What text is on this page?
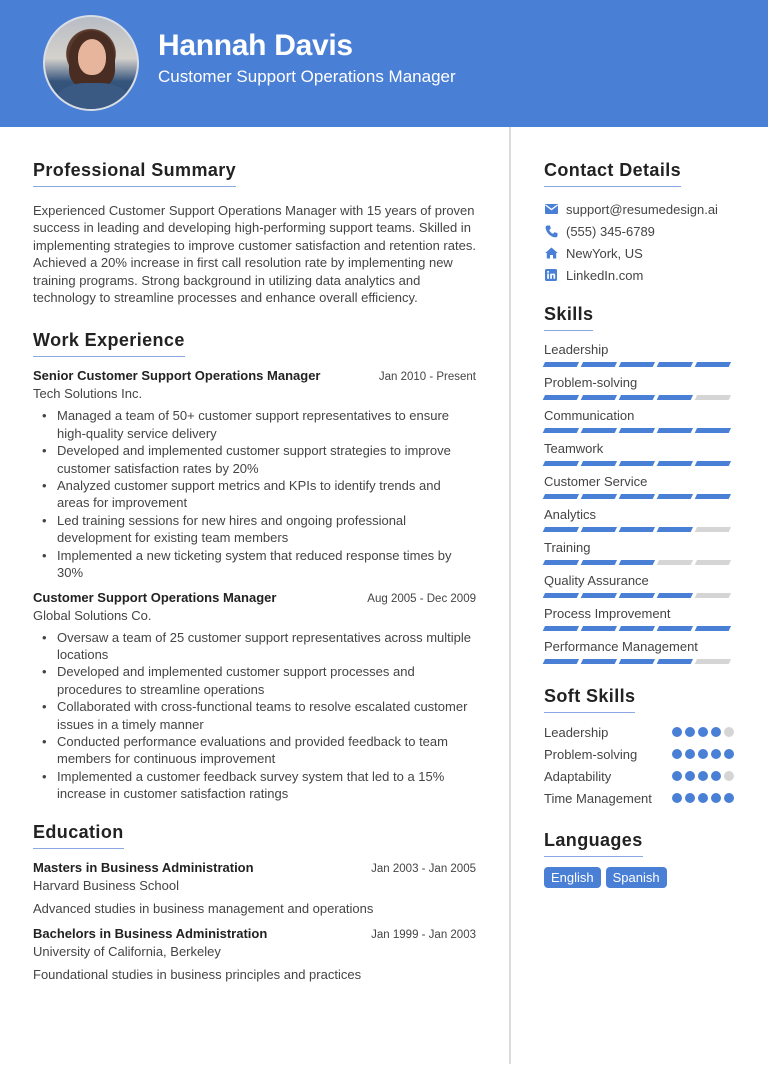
Hannah Davis
Customer Support Operations Manager
Professional Summary

Experienced Customer Support Operations Manager with 15 years of proven success in leading and developing high-performing support teams. Skilled in implementing strategies to improve customer satisfaction and retention rates. Achieved a 20% increase in first call resolution rate by implementing new training programs. Strong background in utilizing data analytics and technology to streamline processes and enhance overall efficiency.

Work Experience
Senior Customer Support Operations Manager	Jan 2010 - Present
Tech Solutions Inc.
• Managed a team of 50+ customer support representatives to ensure high-quality service delivery
• Developed and implemented customer support strategies to improve customer satisfaction rates by 20%
• Analyzed customer support metrics and KPIs to identify trends and areas for improvement
• Led training sessions for new hires and ongoing professional development for existing team members
• Implemented a new ticketing system that reduced response times by 30%
Customer Support Operations Manager	Aug 2005 - Dec 2009
Global Solutions Co.
• Oversaw a team of 25 customer support representatives across multiple locations
• Developed and implemented customer support processes and procedures to streamline operations
• Collaborated with cross-functional teams to resolve escalated customer issues in a timely manner
• Conducted performance evaluations and provided feedback to team members for continuous improvement
• Implemented a customer feedback survey system that led to a 15% increase in customer satisfaction ratings
Education
Masters in Business Administration	Jan 2003 - Jan 2005
Harvard Business School
Advanced studies in business management and operations
Bachelors in Business Administration	Jan 1999 - Jan 2003
University of California, Berkeley
Foundational studies in business principles and practices
Contact Details
support@resumedesign.ai
(555) 345-6789
NewYork, US
LinkedIn.com
Skills
Leadership
Problem-solving
Communication
Teamwork
Customer Service
Analytics
Training
Quality Assurance
Process Improvement
Performance Management
Soft Skills
Leadership
Problem-solving
Adaptability
Time Management
Languages
English	Spanish
